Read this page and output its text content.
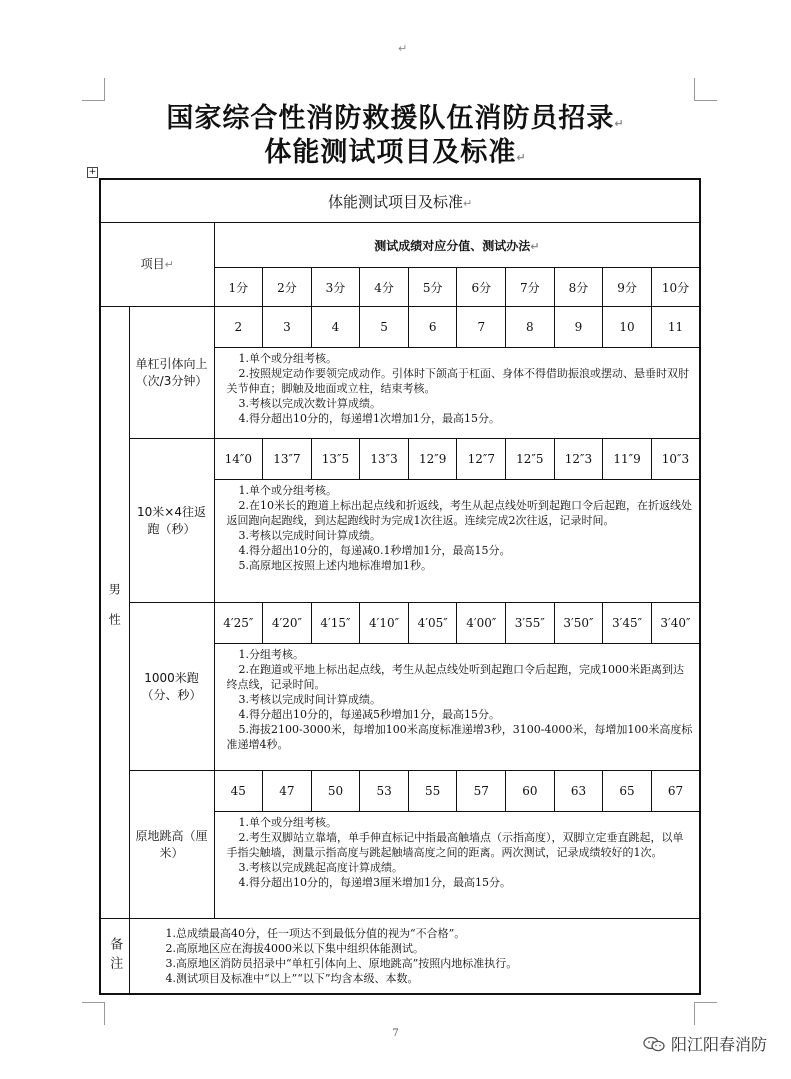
↵
国家综合性消防救援队伍消防员招录↵
体能测试项目及标准↵
+
体能测试项目及标准↵											
项目↵		测试成绩对应分值、测试办法↵									
		1分	2分	3分	4分	5分	6分	7分	8分	9分	10分
男性	单杠引体向上（次/3分钟）	2	3	4	5	6	7	8	9	10	11

		1.单个或分组考核。
2.按照规定动作要领完成动作。引体时下颌高于杠面、身体不得借助振浪或摆动、悬垂时双肘关节伸直；脚触及地面或立柱，结束考核。
3.考核以完成次数计算成绩。
4.得分超出10分的，每递增1次增加1分，最高15分。									

	10米×4往返跑（秒）	14″0	13″7	13″5	13″3	12″9	12″7	12″5	12″3	11″9	10″3

		1.单个或分组考核。
2.在10米长的跑道上标出起点线和折返线，考生从起点线处听到起跑口令后起跑，在折返线处返回跑向起跑线，到达起跑线时为完成1次往返。连续完成2次往返，记录时间。
3.考核以完成时间计算成绩。
4.得分超出10分的，每递减0.1秒增加1分，最高15分。
5.高原地区按照上述内地标准增加1秒。									

	1000米跑（分、秒）	4′25″	4′20″	4′15″	4′10″	4′05″	4′00″	3′55″	3′50″	3′45″	3′40″

		1.分组考核。
2.在跑道或平地上标出起点线，考生从起点线处听到起跑口令后起跑，完成1000米距离到达终点线，记录时间。
3.考核以完成时间计算成绩。
4.得分超出10分的，每递减5秒增加1分，最高15分。
5.海拔2100-3000米，每增加100米高度标准递增3秒，3100-4000米，每增加100米高度标准递增4秒。									

	原地跳高（厘米）	45	47	50	53	55	57	60	63	65	67

		1.单个或分组考核。
2.考生双脚站立靠墙，单手伸直标记中指最高触墙点（示指高度），双脚立定垂直跳起，以单手指尖触墙，测量示指高度与跳起触墙高度之间的距离。两次测试，记录成绩较好的1次。
3.考核以完成跳起高度计算成绩。
4.得分超出10分的，每递增3厘米增加1分，最高15分。									

备注	1.总成绩最高40分，任一项达不到最低分值的视为“不合格”。
2.高原地区应在海拔4000米以下集中组织体能测试。
3.高原地区消防员招录中“单杠引体向上、原地跳高”按照内地标准执行。
4.测试项目及标准中“以上”“以下”均含本级、本数。										
7
阳江阳春消防
